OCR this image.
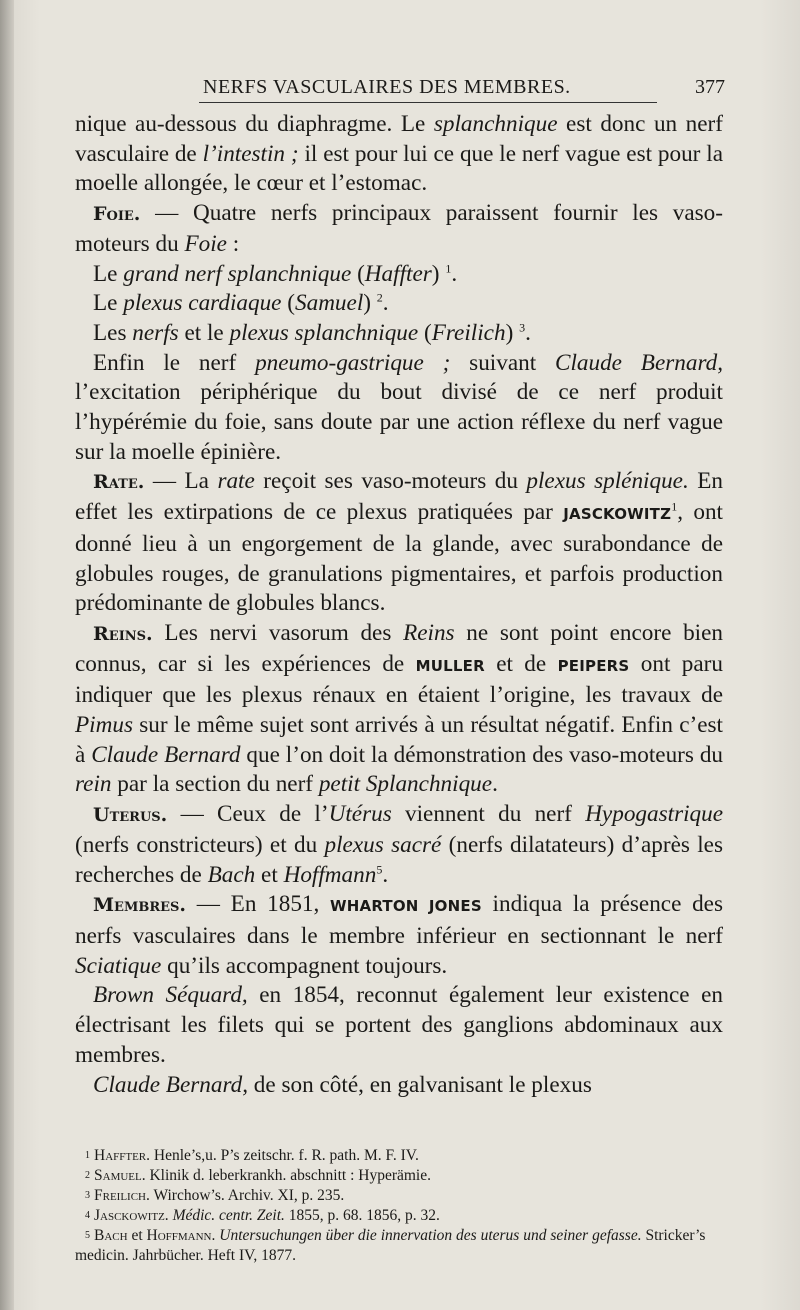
NERFS VASCULAIRES DES MEMBRES.	377

nique au-dessous du diaphragme. Le splanchnique est donc un nerf vasculaire de l’intestin ; il est pour lui ce que le nerf vague est pour la moelle allongée, le cœur et l’estomac.

Foie. — Quatre nerfs principaux paraissent fournir les vaso-moteurs du Foie :

Le grand nerf splanchnique (Haffter) $^1$.

Le plexus cardiaque (Samuel) $^2$.

Les nerfs et le plexus splanchnique (Freilich) $^3$.

Enfin le nerf pneumo-gastrique ; suivant Claude Bernard, l’excitation périphérique du bout divisé de ce nerf produit l’hypérémie du foie, sans doute par une action réflexe du nerf vague sur la moelle épinière.

Rate. — La rate reçoit ses vaso-moteurs du plexus splénique. En effet les extirpations de ce plexus pratiquées par JASCKOWITZ$^1$, ont donné lieu à un engorgement de la glande, avec surabondance de globules rouges, de granulations pigmentaires, et parfois production prédominante de globules blancs.

Reins. Les nervi vasorum des Reins ne sont point encore bien connus, car si les expériences de MULLER et de PEIPERS ont paru indiquer que les plexus rénaux en étaient l’origine, les travaux de Pimus sur le même sujet sont arrivés à un résultat négatif. Enfin c’est à Claude Bernard que l’on doit la démonstration des vaso-moteurs du rein par la section du nerf petit Splanchnique.

Uterus. — Ceux de l’Utérus viennent du nerf Hypogastrique (nerfs constricteurs) et du plexus sacré (nerfs dilatateurs) d’après les recherches de Bach et Hoffmann$^5$.

Membres. — En 1851, WHARTON JONES indiqua la présence des nerfs vasculaires dans le membre inférieur en sectionnant le nerf Sciatique qu’ils accompagnent toujours.

Brown Séquard, en 1854, reconnut également leur existence en électrisant les filets qui se portent des ganglions abdominaux aux membres.

Claude Bernard, de son côté, en galvanisant le plexus

$^1$ Haffter. Henle’s,u. P’s zeitschr. f. R. path. M. F. IV.

$^2$ Samuel. Klinik d. leberkrankh. abschnitt : Hyperämie.

$^3$ Freilich. Wirchow’s. Archiv. XI, p. 235.

$^4$ Jasckowitz. Médic. centr. Zeit. 1855, p. 68. 1856, p. 32.

$^5$ Bach et Hoffmann. Untersuchungen über die innervation des uterus und seiner gefasse. Stricker’s medicin. Jahrbücher. Heft IV, 1877.
